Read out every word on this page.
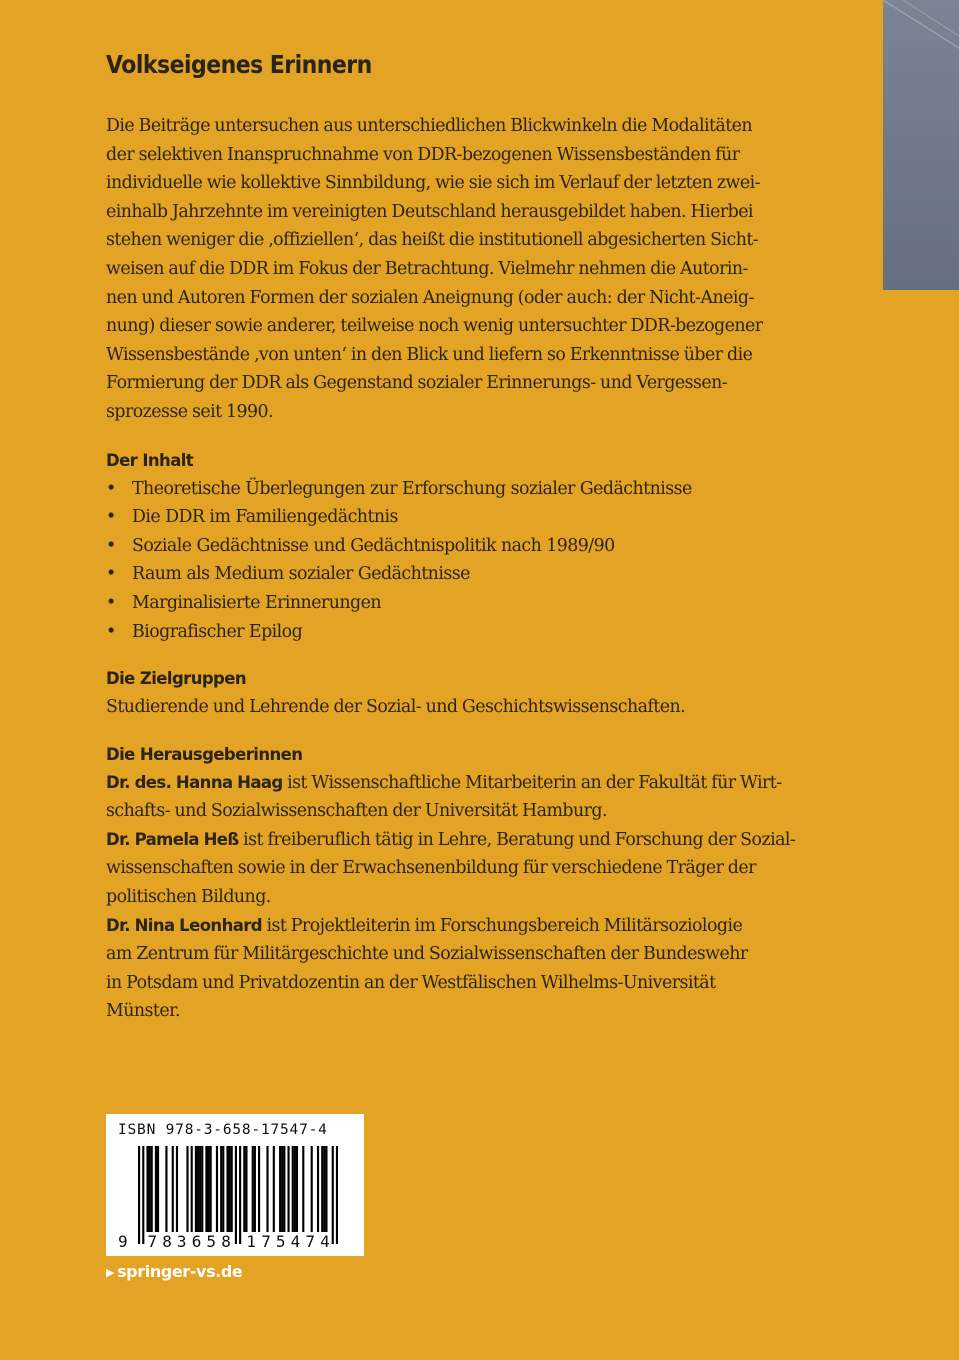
Volkseigenes Erinnern

Die Beiträge untersuchen aus unterschiedlichen Blickwinkeln die Modalitäten

der selektiven Inanspruchnahme von DDR-bezogenen Wissensbeständen für

individuelle wie kollektive Sinnbildung, wie sie sich im Verlauf der letzten zwei-

einhalb Jahrzehnte im vereinigten Deutschland herausgebildet haben. Hierbei

stehen weniger die ‚offiziellen‘, das heißt die institutionell abgesicherten Sicht-

weisen auf die DDR im Fokus der Betrachtung. Vielmehr nehmen die Autorin-

nen und Autoren Formen der sozialen Aneignung (oder auch: der Nicht-Aneig-

nung) dieser sowie anderer, teilweise noch wenig untersuchter DDR-bezogener

Wissensbestände ‚von unten‘ in den Blick und liefern so Erkenntnisse über die

Formierung der DDR als Gegenstand sozialer Erinnerungs- und Vergessen-

sprozesse seit 1990.

Der Inhalt
• Theoretische Überlegungen zur Erforschung sozialer Gedächtnisse
• Die DDR im Familiengedächtnis
• Soziale Gedächtnisse und Gedächtnispolitik nach 1989/90
• Raum als Medium sozialer Gedächtnisse
• Marginalisierte Erinnerungen
• Biografischer Epilog
Die Zielgruppen

Studierende und Lehrende der Sozial- und Geschichtswissenschaften.

Die Herausgeberinnen

Dr. des. Hanna Haag ist Wissenschaftliche Mitarbeiterin an der Fakultät für Wirt-

schafts- und Sozialwissenschaften der Universität Hamburg.

Dr. Pamela Heß ist freiberuflich tätig in Lehre, Beratung und Forschung der Sozial-

wissenschaften sowie in der Erwachsenenbildung für verschiedene Träger der

politischen Bildung.

Dr. Nina Leonhard ist Projektleiterin im Forschungsbereich Militärsoziologie

am Zentrum für Militärgeschichte und Sozialwissenschaften der Bundeswehr

in Potsdam und Privatdozentin an der Westfälischen Wilhelms-Universität

Münster.

ISBN 978-3-658-17547-4
9 7 8 3 6 5 8 1 7 5 4 7 4
▶ springer-vs.de
